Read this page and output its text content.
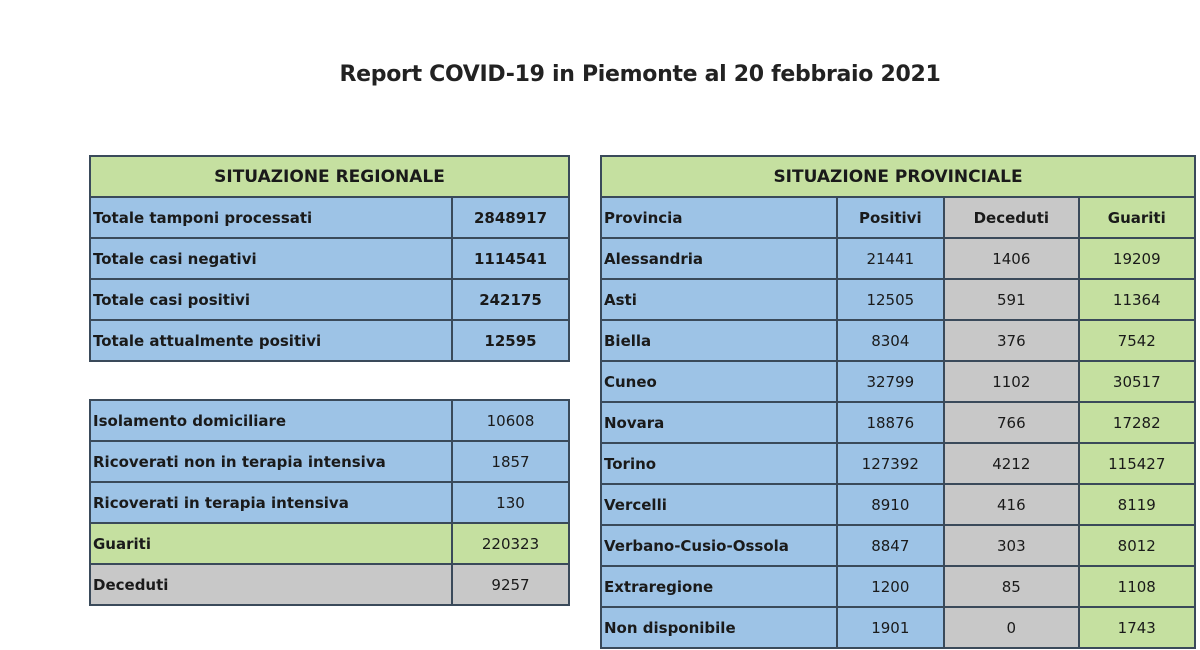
Report COVID-19 in Piemonte al 20 febbraio 2021
SITUAZIONE REGIONALE	
Totale tamponi processati	2848917
Totale casi negativi	1114541
Totale casi positivi	242175
Totale attualmente positivi	12595
Isolamento domiciliare	10608
Ricoverati non in terapia intensiva	1857
Ricoverati in terapia intensiva	130
Guariti	220323
Deceduti	9257
SITUAZIONE PROVINCIALE			
Provincia	Positivi	Deceduti	Guariti
Alessandria	21441	1406	19209
Asti	12505	591	11364
Biella	8304	376	7542
Cuneo	32799	1102	30517
Novara	18876	766	17282
Torino	127392	4212	115427
Vercelli	8910	416	8119
Verbano-Cusio-Ossola	8847	303	8012
Extraregione	1200	85	1108
Non disponibile	1901	0	1743
